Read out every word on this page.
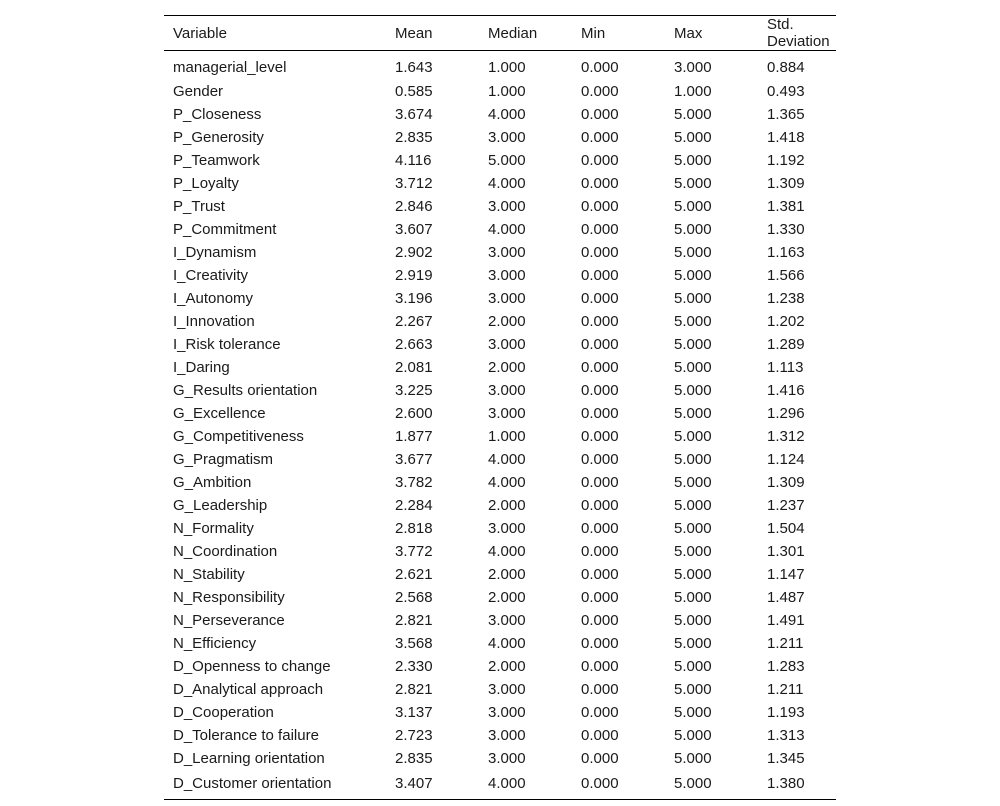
Variable	Mean	Median	Min	Max	Std. Deviation
managerial_level	1.643	1.000	0.000	3.000	0.884
Gender	0.585	1.000	0.000	1.000	0.493
P_Closeness	3.674	4.000	0.000	5.000	1.365
P_Generosity	2.835	3.000	0.000	5.000	1.418
P_Teamwork	4.116	5.000	0.000	5.000	1.192
P_Loyalty	3.712	4.000	0.000	5.000	1.309
P_Trust	2.846	3.000	0.000	5.000	1.381
P_Commitment	3.607	4.000	0.000	5.000	1.330
I_Dynamism	2.902	3.000	0.000	5.000	1.163
I_Creativity	2.919	3.000	0.000	5.000	1.566
I_Autonomy	3.196	3.000	0.000	5.000	1.238
I_Innovation	2.267	2.000	0.000	5.000	1.202
I_Risk tolerance	2.663	3.000	0.000	5.000	1.289
I_Daring	2.081	2.000	0.000	5.000	1.113
G_Results orientation	3.225	3.000	0.000	5.000	1.416
G_Excellence	2.600	3.000	0.000	5.000	1.296
G_Competitiveness	1.877	1.000	0.000	5.000	1.312
G_Pragmatism	3.677	4.000	0.000	5.000	1.124
G_Ambition	3.782	4.000	0.000	5.000	1.309
G_Leadership	2.284	2.000	0.000	5.000	1.237
N_Formality	2.818	3.000	0.000	5.000	1.504
N_Coordination	3.772	4.000	0.000	5.000	1.301
N_Stability	2.621	2.000	0.000	5.000	1.147
N_Responsibility	2.568	2.000	0.000	5.000	1.487
N_Perseverance	2.821	3.000	0.000	5.000	1.491
N_Efficiency	3.568	4.000	0.000	5.000	1.211
D_Openness to change	2.330	2.000	0.000	5.000	1.283
D_Analytical approach	2.821	3.000	0.000	5.000	1.211
D_Cooperation	3.137	3.000	0.000	5.000	1.193
D_Tolerance to failure	2.723	3.000	0.000	5.000	1.313
D_Learning orientation	2.835	3.000	0.000	5.000	1.345
D_Customer orientation	3.407	4.000	0.000	5.000	1.380
